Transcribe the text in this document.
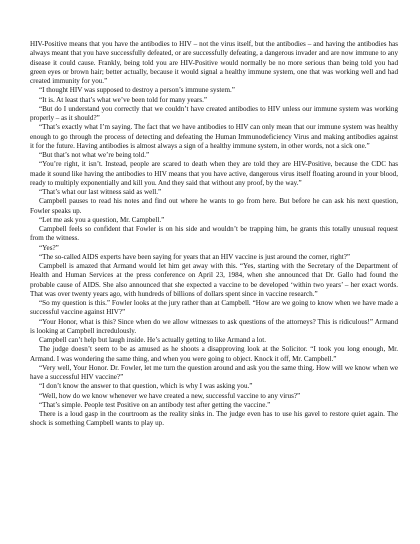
HIV-Positive means that you have the antibodies to HIV – not the virus itself, but the antibodies – and having the antibodies has always meant that you have successfully defeated, or are successfully defeating, a dangerous invader and are now immune to any disease it could cause. Frankly, being told you are HIV-Positive would normally be no more serious than being told you had green eyes or brown hair; better actually, because it would signal a healthy immune system, one that was working well and had created immunity for you.”

“I thought HIV was supposed to destroy a person’s immune system.”

“It is. At least that’s what we’ve been told for many years.”

“But do I understand you correctly that we couldn’t have created antibodies to HIV unless our immune system was working properly – as it should?”

“That’s exactly what I’m saying. The fact that we have antibodies to HIV can only mean that our immune system was healthy enough to go through the process of detecting and defeating the Human Immunodeficiency Virus and making antibodies against it for the future. Having antibodies is almost always a sign of a healthy immune system, in other words, not a sick one.”

“But that’s not what we’re being told.”

“You’re right, it isn’t. Instead, people are scared to death when they are told they are HIV-Positive, because the CDC has made it sound like having the antibodies to HIV means that you have active, dangerous virus itself floating around in your blood, ready to multiply exponentially and kill you. And they said that without any proof, by the way.”

“That’s what our last witness said as well.”

Campbell pauses to read his notes and find out where he wants to go from here. But before he can ask his next question, Fowler speaks up.

“Let me ask you a question, Mr. Campbell.”

Campbell feels so confident that Fowler is on his side and wouldn’t be trapping him, he grants this totally unusual request from the witness.

“Yes?”

“The so-called AIDS experts have been saying for years that an HIV vaccine is just around the corner, right?”

Campbell is amazed that Armand would let him get away with this. “Yes, starting with the Secretary of the Department of Health and Human Services at the press conference on April 23, 1984, when she announced that Dr. Gallo had found the probable cause of AIDS. She also announced that she expected a vaccine to be developed ‘within two years’ – her exact words. That was over twenty years ago, with hundreds of billions of dollars spent since in vaccine research.”

“So my question is this.” Fowler looks at the jury rather than at Campbell. “How are we going to know when we have made a successful vaccine against HIV?”

“Your Honor, what is this? Since when do we allow witnesses to ask questions of the attorneys? This is ridiculous!” Armand is looking at Campbell incredulously.

Campbell can’t help but laugh inside. He’s actually getting to like Armand a lot.

The judge doesn’t seem to be as amused as he shoots a disapproving look at the Solicitor. “I took you long enough, Mr. Armand. I was wondering the same thing, and when you were going to object. Knock it off, Mr. Campbell.”

“Very well, Your Honor. Dr. Fowler, let me turn the question around and ask you the same thing. How will we know when we have a successful HIV vaccine?”

“I don’t know the answer to that question, which is why I was asking you.”

“Well, how do we know whenever we have created a new, successful vaccine to any virus?”

“That’s simple. People test Positive on an antibody test after getting the vaccine.”

There is a loud gasp in the courtroom as the reality sinks in. The judge even has to use his gavel to restore quiet again. The shock is something Campbell wants to play up.
